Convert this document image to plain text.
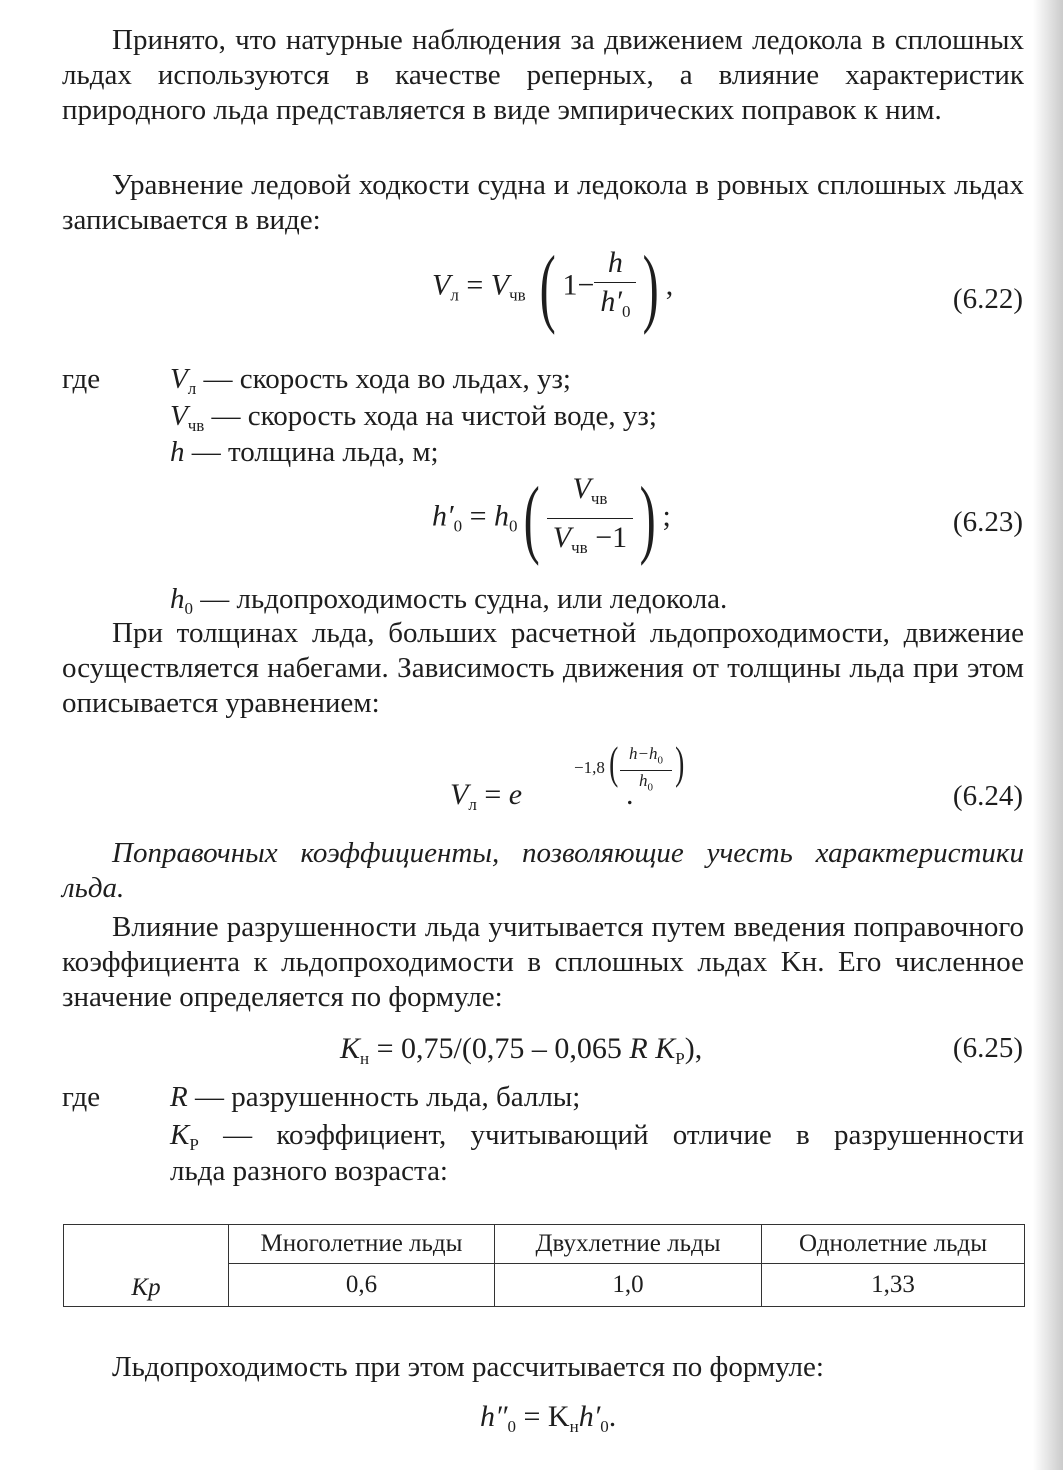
Принято, что натурные наблюдения за движением ледокола в сплошных льдах используются в качестве реперных, а влияние характеристик природного льда представляется в виде эмпирических поправок к ним.
Уравнение ледовой ходкости судна и ледокола в ровных сплошных льдах записывается в виде:
$V_л = V_{чв}$ ( $1- \frac{h}{h'_0}$ ) ,	(6.22)
где $V_л$ — скорость хода во льдах, уз;
$V_{чв}$ — скорость хода на чистой воде, уз;
h — толщина льда, м;
$h'_0 = h_0( \frac{V_{чв}}{V_{чв} -1}$ ) ;	(6.23)
$h_0$ — льдопроходимость судна, или ледокола.
При толщинах льда, больших расчетной льдопроходимости, движение осуществляется набегами. Зависимость движения от толщины льда при этом описывается уравнением:
$V_л = e$
−1,8 ( $h-h_0$
$h_0$ )
.	(6.24)
Поправочных коэффициенты, позволяющие учесть характеристики льда.
Влияние разрушенности льда учитывается путем введения поправочного коэффициента к льдопроходимости в сплошных льдах Kн. Его численное значение определяется по формуле:
$K_н = 0,75/(0,75 - 0,065$ R $K_Р$),	(6.25)
где R — разрушенность льда, баллы;
$K_Р$ — коэффициент, учитывающий отличие в разрушенности
льда разного возраста:
Kр	Многолетние льды	Двухлетние льды	Однолетние льды
	0,6	1,0	1,33
Льдопроходимость при этом рассчитывается по формуле:
$h''_0 = K_нh'_0$.
